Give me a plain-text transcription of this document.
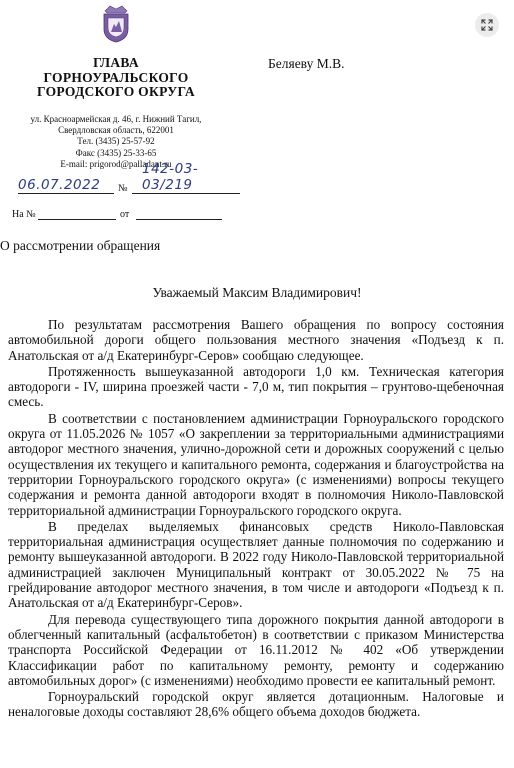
ГЛАВА
ГОРНОУРАЛЬСКОГО
ГОРОДСКОГО ОКРУГА
Беляеву М.В.
ул. Красноармейская д. 46, г. Нижний Тагил,
Свердловская область, 622001
Тел. (3435) 25-57-92
Факс (3435) 25-33-65
E-mail: prigorod@palladant.ru
06.07.2022 №
142-03-03/219
На №	от
О рассмотрении обращения
Уважаемый Максим Владимирович!

По результатам рассмотрения Вашего обращения по вопросу состояния автомобильной дороги общего пользования местного значения «Подъезд к п. Анатольская от а/д Екатеринбург-Серов» сообщаю следующее.

Протяженность вышеуказанной автодороги 1,0 км. Техническая категория автодороги - IV, ширина проезжей части - 7,0 м, тип покрытия – грунтово-щебеночная смесь.

В соответствии с постановлением администрации Горноуральского городского округа от 11.05.2026 № 1057 «О закреплении за территориальными администрациями автодорог местного значения, улично-дорожной сети и дорожных сооружений с целью осуществления их текущего и капитального ремонта, содержания и благоустройства на территории Горноуральского городского округа» (с изменениями) вопросы текущего содержания и ремонта данной автодороги входят в полномочия Николо-Павловской территориальной администрации Горноуральского городского округа.

В пределах выделяемых финансовых средств Николо-Павловская территориальная администрация осуществляет данные полномочия по содержанию и ремонту вышеуказанной автодороги. В 2022 году Николо-Павловской территориальной администрацией заключен Муниципальный контракт от 30.05.2022 № 75 на грейдирование автодорог местного значения, в том числе и автодороги «Подъезд к п. Анатольская от а/д Екатеринбург-Серов».

Для перевода существующего типа дорожного покрытия данной автодороги в облегченный капитальный (асфальтобетон) в соответствии с приказом Министерства транспорта Российской Федерации от 16.11.2012 № 402 «Об утверждении Классификации работ по капитальному ремонту, ремонту и содержанию автомобильных дорог» (с изменениями) необходимо провести ее капитальный ремонт.

Горноуральский городской округ является дотационным. Налоговые и неналоговые доходы составляют 28,6% общего объема доходов бюджета.
